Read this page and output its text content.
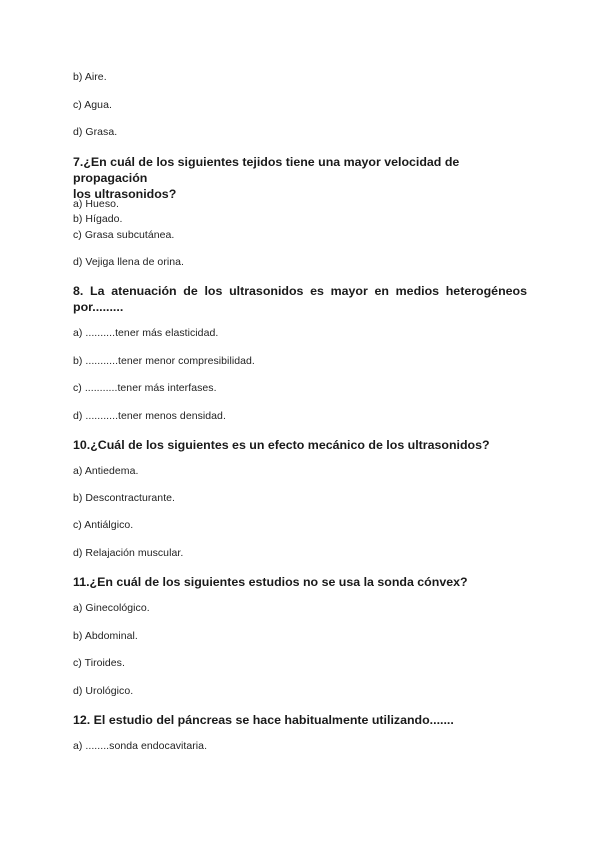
b) Aire.
c) Agua.
d) Grasa.
7.¿En cuál de los siguientes tejidos tiene una mayor velocidad de propagación
los ultrasonidos?
a) Hueso.
b) Hígado.
c) Grasa subcutánea.
d) Vejiga llena de orina.
8. La atenuación de los ultrasonidos es mayor en medios heterogéneos
por.........
a) ..........tener más elasticidad.
b) ...........tener menor compresibilidad.
c) ...........tener más interfases.
d) ...........tener menos densidad.
10.¿Cuál de los siguientes es un efecto mecánico de los ultrasonidos?
a) Antiedema.
b) Descontracturante.
c) Antiálgico.
d) Relajación muscular.
11.¿En cuál de los siguientes estudios no se usa la sonda cónvex?
a) Ginecológico.
b) Abdominal.
c) Tiroides.
d) Urológico.
12. El estudio del páncreas se hace habitualmente utilizando.......
a) ........sonda endocavitaria.
